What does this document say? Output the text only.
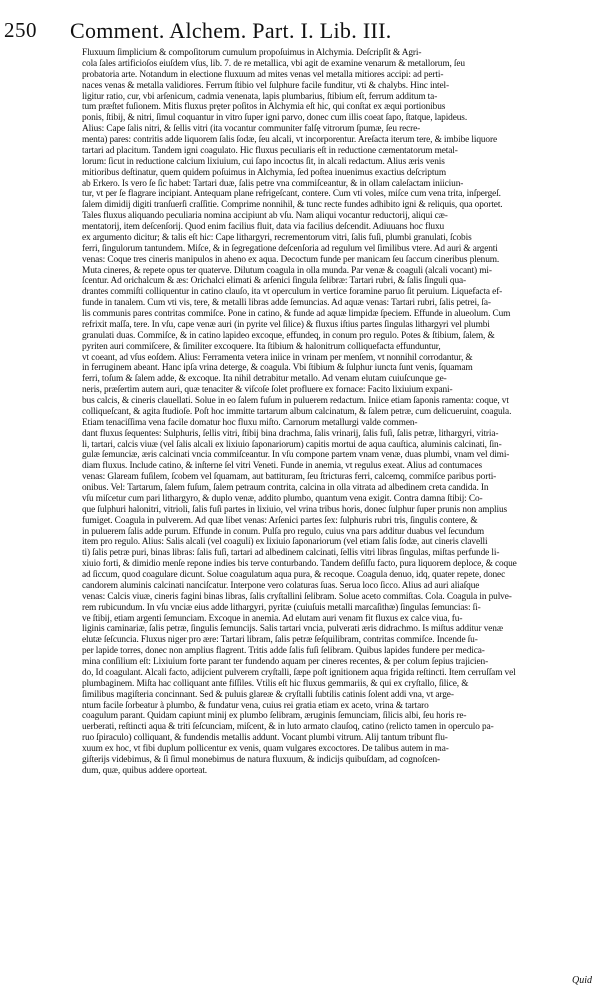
250 Comment. Alchem. Part. I. Lib. III.
Fluxuum ſimplicium & compoſitorum cumulum propoſuimus in Alchymia. Deſcripſit & Agri-
cola ſales artificioſos eiuſdem vſus, lib. 7. de re metallica, vbi agit de examine venarum & metallorum, ſeu
probatoria arte. Notandum in electione fluxuum ad mites venas vel metalla mitiores accipi: ad perti-
naces venas & metalla validiores. Ferrum ſtibio vel ſulphure facile funditur, vti & chalybs. Hinc intel-
ligitur ratio, cur, vbi arſenicum, cadmia venenata, lapis plumbarius, ſtibium eſt, ferrum additum ta-
tum præſtet fuſionem. Mitis fluxus pręter poſitos in Alchymia eſt hic, qui conſtat ex æqui portionibus
ponis, ſtibij, & nitri, ſimul coquantur in vitro ſuper igni parvo, donec cum illis coeat ſapo, ſtatque, lapideus.
Alius: Cape ſalis nitri, & ſellis vitri (ita vocantur communiter falſę vitrorum ſpumæ, ſeu recre-
menta) pares: contritis adde liquorem ſalis ſodæ, ſeu alcali, vt incorporentur. Areſacta iterum tere, & imbibe liquore
tartari ad placitum. Tandem igni coagulato. Hic fluxus peculiaris eſt in reductione cæmentatorum metal-
lorum: ſicut in reductione calcium lixiuium, cui ſapo incoctus ſit, in alcali redactum. Alius æris venis
mitioribus deſtinatur, quem quidem poſuimus in Alchymia, ſed poſtea inuenimus exactius deſcriptum
ab Erkero. Is vero ſe ſic habet: Tartari duæ, ſalis petre vna commiſceantur, & in ollam caleſactam iniiciun-
tur, vt per ſe flagrare incipiant. Antequam plane refrigeſcant, contere. Cum vti voles, miſce cum vena trita, inſpergeſ.
ſalem dimidij digiti tranſuerſi craſſitie. Comprime nonnihil, & tunc recte fundes adhibito igni & reliquis, qua oportet.
Tales fluxus aliquando peculiaria nomina accipiunt ab vſu. Nam aliqui vocantur reductorij, aliqui cæ-
mentatorij, item deſcenſorij. Quod enim facilius fluit, data via facilius deſcendit. Adiuuans hoc fluxu
ex argumento dicitur; & talis eſt hic: Cape lithargyri, recrementorum vitri, ſalis fuſi, plumbi granulati, ſcobis
ferri, ſingulorum tantundem. Miſce, & in ſegregatione deſcenſoria ad regulum vel ſimilibus vtere. Ad auri & argenti
venas: Coque tres cineris manipulos in aheno ex aqua. Decoctum funde per manicam ſeu ſaccum cineribus plenum.
Muta cineres, & repete opus ter quaterve. Dilutum coagula in olla munda. Par venæ & coaguli (alcali vocant) mi-
ſcentur. Ad orichalcum & æs: Orichalci elimati & arſenici ſingula ſelibræ: Tartari rubri, & ſalis ſinguli qua-
drantes commiſti colliquentur in catino clauſo, ita vt operculum in vertice foramine paruo ſit peruium. Liquefacta ef-
funde in tanalem. Cum vti vis, tere, & metalli libras adde ſemuncias. Ad aquæ venas: Tartari rubri, ſalis petrei, ſa-
lis communis pares contritas commiſce. Pone in catino, & funde ad aquæ limpidæ ſpeciem. Effunde in alueolum. Cum
refrixit maſſa, tere. In vſu, cape venæ auri (in pyrite vel ſilice) & fluxus iſtius partes ſingulas lithargyri vel plumbi
granulati duas. Commiſce, & in catino lapideo excoque, effundeq, in conum pro regulo. Potes & ſtibium, ſalem, &
pyriten auri commiſcere, & ſimiliter excoquere. Ita ſtibium & halonitrum colliquefacta effunduntur,
vt coeant, ad vſus eoſdem. Alius: Ferramenta vetera iniice in vrinam per menſem, vt nonnihil corrodantur, &
in ferruginem abeant. Hanc ipſa vrina deterge, & coagula. Vbi ſtibium & ſulphur iuncta ſunt venis, ſquamam
ferri, toſum & ſalem adde, & excoque. Ita nihil detrabitur metallo. Ad venam elutam cuiuſcunque ge-
neris, præſertim autem auri, quæ tenaciter & viſcoſe ſolet profluere ex fornace: Facito lixiuium expani-
bus calcis, & cineris clauellati. Solue in eo ſalem fuſum in puluerem redactum. Iniice etiam ſaponis ramenta: coque, vt
colliqueſcant, & agita ſtudioſe. Poſt hoc immitte tartarum album calcinatum, & ſalem petræ, cum delicueruint, coagula.
Etiam tenaciſſima vena facile domatur hoc fluxu miſto. Carnorum metallurgi valde commen-
dant fluxus ſequentes: Sulphuris, ſellis vitri, ſtibij bina drachma, ſalis vrinarij, ſalis fuſi, ſalis petræ, lithargyri, vitria-
li, tartari, calcis viuæ (vel ſalis alcali ex lixiuio ſaponariorum) capitis mortui de aqua cauſtica, aluminis calcinati, ſin-
gulæ ſemunciæ, æris calcinati vncia commiſceantur. In vſu compone partem vnam venæ, duas plumbi, vnam vel dimi-
diam fluxus. Include catino, & inſterne ſel vitri Veneti. Funde in anemia, vt regulus exeat. Alius ad contumaces
venas: Glaream fuſilem, ſcobem vel ſquamam, aut battituram, ſeu ſtricturas ferri, calcemq, commiſce paribus porti-
onibus. Vel: Tartarum, ſalem fuſum, ſalem petraum contrita, calcina in olla vitrata ad albedinem creta candida. In
vſu miſcetur cum pari lithargyro, & duplo venæ, addito plumbo, quantum vena exigit. Contra damna ſtibij: Co-
que ſulphuri halonitri, vitrioli, ſalis fuſi partes in lixiuio, vel vrina tribus horis, donec ſulphur ſuper prunis non amplius
fumiget. Coagula in pulverem. Ad quæ libet venas: Arſenici partes ſex: ſulphuris rubri tris, ſingulis contere, &
in puluerem ſalis adde purum. Effunde in conum. Pulſa pro regulo, cuius vna pars additur duabus vel ſecundum
item pro regulo. Alius: Salis alcali (vel coaguli) ex lixiuio ſaponariorum (vel etiam ſalis ſodæ, aut cineris clavelli
ti) ſalis petræ puri, binas libras: ſalis fuſi, tartari ad albedinem calcinati, ſellis vitri libras ſingulas, miſtas perfunde li-
xiuio forti, & dimidio menſe repone indies bis terve conturbando. Tandem deſiſſu facto, pura liquorem deploce, & coque
ad ſiccum, quod coagulare dicunt. Solue coagulatum aqua pura, & recoque. Coagula denuo, idq, quater repete, donec
candorem aluminis calcinati nanciſcatur. Interpone vero colaturas ſuas. Serua loco ſicco. Alius ad auri aliaſque
venas: Calcis viuæ, cineris fagini binas libras, ſalis cryſtallini ſelibram. Solue aceto commiſtas. Cola. Coagula in pulve-
rem rubicundum. In vſu vnciæ eius adde lithargyri, pyritæ (cuiuſuis metalli marcaſithæ) ſingulas ſemuncias: ſi-
ve ſtibij, etiam argenti ſemunciam. Excoque in anemia. Ad elutam auri venam fit fluxus ex calce viua, fu-
liginis caminariæ, ſalis petræ, ſingulis ſemuncijs. Salis tartari vncia, pulverati æris didrachmo. Is miſtus additur venæ
elutæ ſeſcuncia. Fluxus niger pro ære: Tartari libram, ſalis petræ ſeſquilibram, contritas commiſce. Incende ſu-
per lapide torres, donec non amplius flagrent. Tritis adde ſalis fuſi ſelibram. Quibus lapides fundere per medica-
mina conſilium eſt: Lixiuium forte parant ter fundendo aquam per cineres recentes, & per colum ſepius trajicien-
do, Id coagulant. Alcali facto, adijcient pulverem cryſtalli, ſæpe poſt ignitionem aqua frigida reſtincti. Item cerruſſam vel
plumbaginem. Miſta hac colliquant ante fiſſiles. Vtilis eſt hic fluxus gemmariis, & qui ex cryſtallo, ſilice, &
ſimilibus magiſteria concinnant. Sed & puluis glareæ & cryſtalli ſubtilis catinis ſolent addi vna, vt arge-
ntum facile ſorbeatur à plumbo, & fundatur vena, cuius rei gratia etiam ex aceto, vrina & tartaro
coagulum parant. Quidam capiunt minij ex plumbo ſelibram, æruginis ſemunciam, ſilicis albi, ſeu horis re-
uerberati, reſtincti aqua & triti ſeſcunciam, miſcent, & in luto armato clauſoq, catino (relicto tamen in operculo pa-
ruo ſpiraculo) colliquant, & fundendis metallis addunt. Vocant plumbi vitrum. Alij tantum tribunt flu-
xuum ex hoc, vt fibi duplum pollicentur ex venis, quam vulgares excoctores. De talibus autem in ma-
giſterijs videbimus, & ſi ſimul monebimus de natura fluxuum, & indicijs quibuſdam, ad cognoſcen-
dum, quæ, quibus addere oporteat.
Quid
